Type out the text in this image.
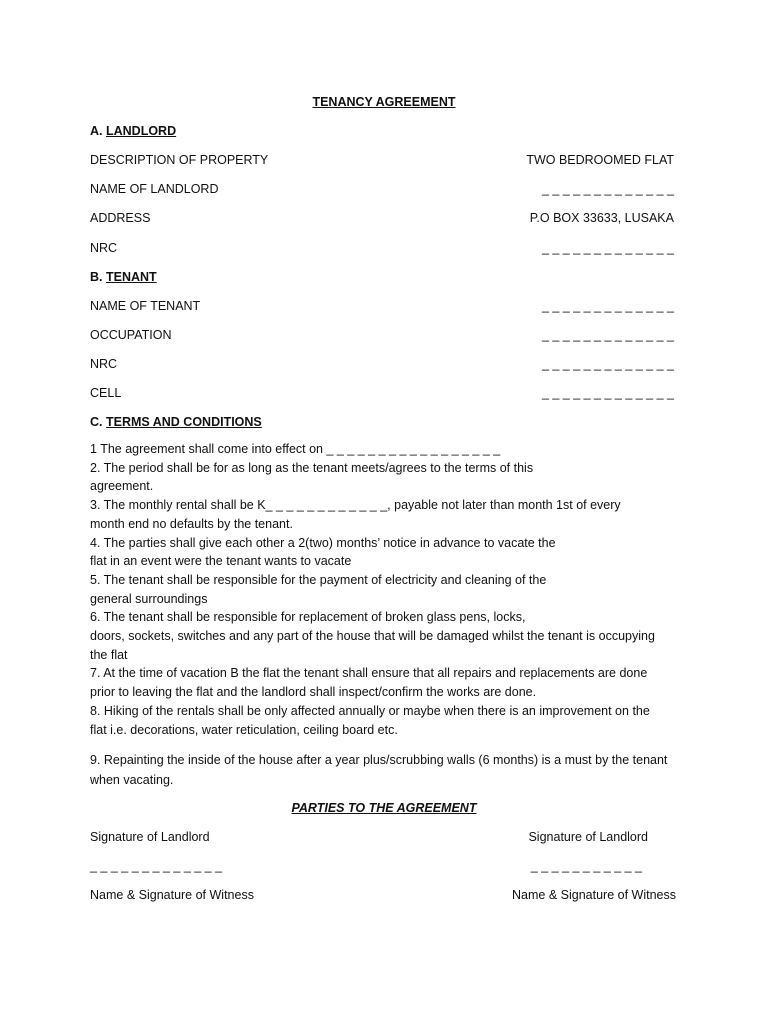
TENANCY AGREEMENT
A. LANDLORD
DESCRIPTION OF PROPERTY	TWO BEDROOMED FLAT
NAME OF LANDLORD	_ _ _ _ _ _ _ _ _ _ _ _ _
ADDRESS	P.O BOX 33633, LUSAKA
NRC	_ _ _ _ _ _ _ _ _ _ _ _ _
B. TENANT
NAME OF TENANT	_ _ _ _ _ _ _ _ _ _ _ _ _
OCCUPATION	_ _ _ _ _ _ _ _ _ _ _ _ _
NRC	_ _ _ _ _ _ _ _ _ _ _ _ _
CELL	_ _ _ _ _ _ _ _ _ _ _ _ _
C. TERMS AND CONDITIONS

1 The agreement shall come into effect on _ _ _ _ _ _ _ _ _ _ _ _ _ _ _ _ _

2. The period shall be for as long as the tenant meets/agrees to the terms of this

agreement.

3. The monthly rental shall be K_ _ _ _ _ _ _ _ _ _ _ _, payable not later than month 1st of every

month end no defaults by the tenant.

4. The parties shall give each other a 2(two) months’ notice in advance to vacate the

flat in an event were the tenant wants to vacate

5. The tenant shall be responsible for the payment of electricity and cleaning of the

general surroundings

6. The tenant shall be responsible for replacement of broken glass pens, locks,

doors, sockets, switches and any part of the house that will be damaged whilst the tenant is occupying

the flat

7. At the time of vacation B the flat the tenant shall ensure that all repairs and replacements are done

prior to leaving the flat and the landlord shall inspect/confirm the works are done.

8. Hiking of the rentals shall be only affected annually or maybe when there is an improvement on the

flat i.e. decorations, water reticulation, ceiling board etc.

9. Repainting the inside of the house after a year plus/scrubbing walls (6 months) is a must by the tenant
when vacating.
PARTIES TO THE AGREEMENT
Signature of Landlord	Signature of Landlord
_ _ _ _ _ _ _ _ _ _ _ _ _	_ _ _ _ _ _ _ _ _ _ _
Name & Signature of Witness	Name & Signature of Witness
